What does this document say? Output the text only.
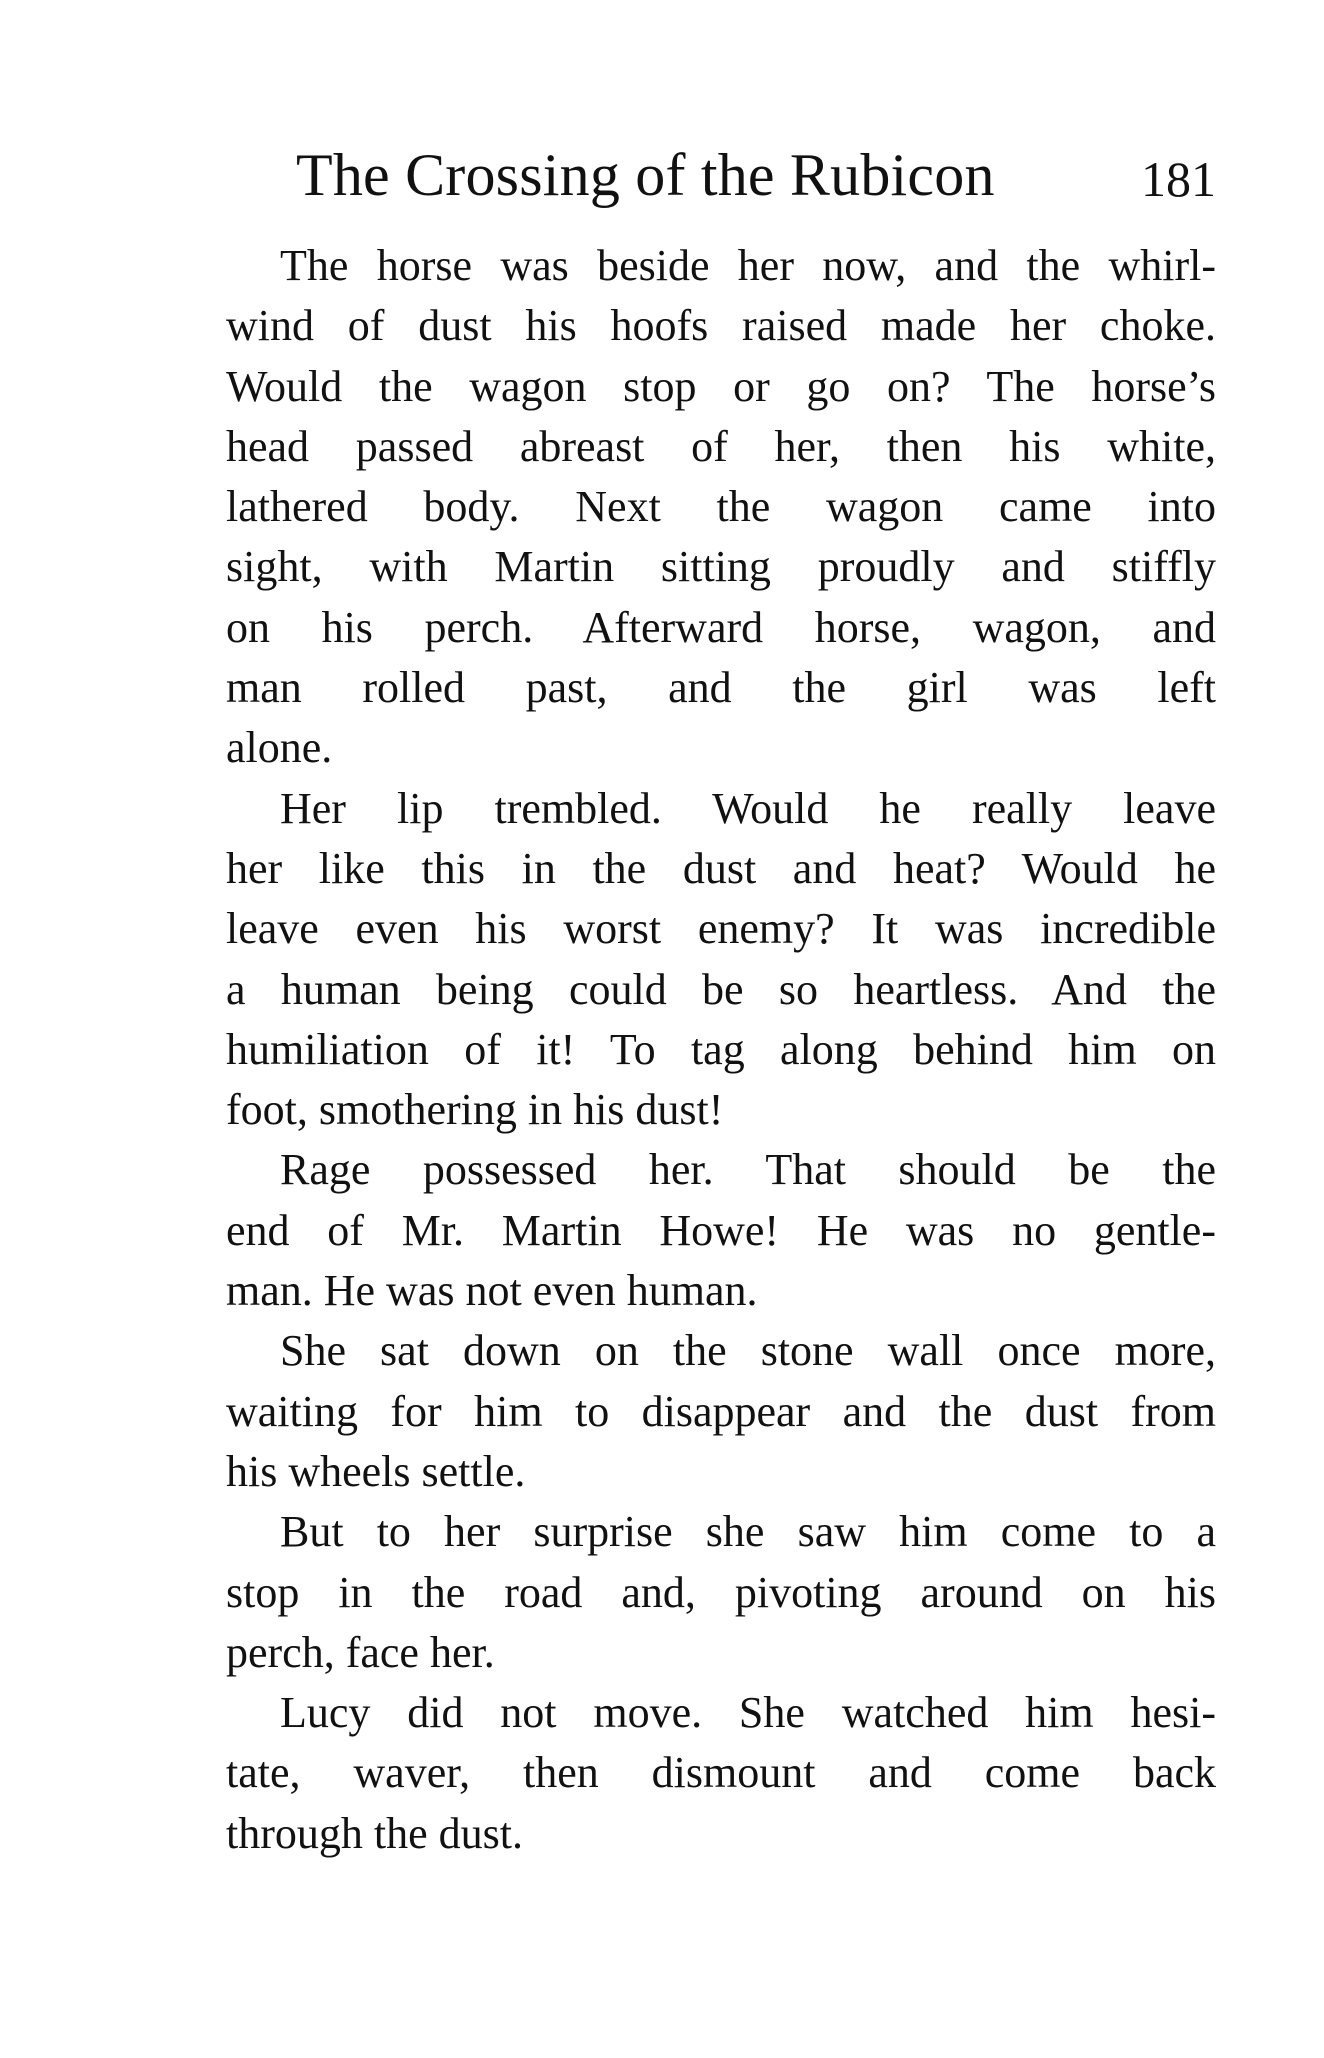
The Crossing of the Rubicon	181

The horse was beside her now, and the whirl-
wind of dust his hoofs raised made her choke.
Would the wagon stop or go on? The horse’s
head passed abreast of her, then his white,
lathered body. Next the wagon came into
sight, with Martin sitting proudly and stiffly
on his perch. Afterward horse, wagon, and
man rolled past, and the girl was left
alone.

Her lip trembled. Would he really leave
her like this in the dust and heat? Would he
leave even his worst enemy? It was incredible
a human being could be so heartless. And the
humiliation of it! To tag along behind him on
foot, smothering in his dust!

Rage possessed her. That should be the
end of Mr. Martin Howe! He was no gentle-
man. He was not even human.

She sat down on the stone wall once more,
waiting for him to disappear and the dust from
his wheels settle.

But to her surprise she saw him come to a
stop in the road and, pivoting around on his
perch, face her.

Lucy did not move. She watched him hesi-
tate, waver, then dismount and come back
through the dust.
